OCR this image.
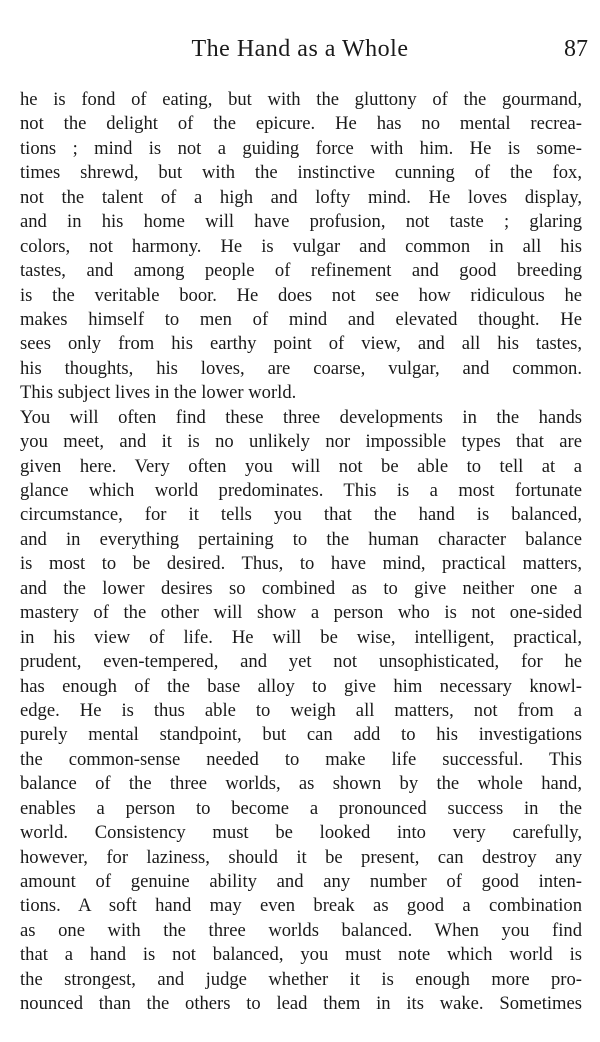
The Hand as a Whole	87
he is fond of eating, but with the gluttony of the gourmand,
not the delight of the epicure. He has no mental recrea-
tions ; mind is not a guiding force with him. He is some-
times shrewd, but with the instinctive cunning of the fox,
not the talent of a high and lofty mind. He loves display,
and in his home will have profusion, not taste ; glaring
colors, not harmony. He is vulgar and common in all his
tastes, and among people of refinement and good breeding
is the veritable boor. He does not see how ridiculous he
makes himself to men of mind and elevated thought. He
sees only from his earthy point of view, and all his tastes,
his thoughts, his loves, are coarse, vulgar, and common.
This subject lives in the lower world.
You will often find these three developments in the hands
you meet, and it is no unlikely nor impossible types that are
given here. Very often you will not be able to tell at a
glance which world predominates. This is a most fortunate
circumstance, for it tells you that the hand is balanced,
and in everything pertaining to the human character balance
is most to be desired. Thus, to have mind, practical matters,
and the lower desires so combined as to give neither one a
mastery of the other will show a person who is not one-sided
in his view of life. He will be wise, intelligent, practical,
prudent, even-tempered, and yet not unsophisticated, for he
has enough of the base alloy to give him necessary knowl-
edge. He is thus able to weigh all matters, not from a
purely mental standpoint, but can add to his investigations
the common-sense needed to make life successful. This
balance of the three worlds, as shown by the whole hand,
enables a person to become a pronounced success in the
world. Consistency must be looked into very carefully,
however, for laziness, should it be present, can destroy any
amount of genuine ability and any number of good inten-
tions. A soft hand may even break as good a combination
as one with the three worlds balanced. When you find
that a hand is not balanced, you must note which world is
the strongest, and judge whether it is enough more pro-
nounced than the others to lead them in its wake. Sometimes
